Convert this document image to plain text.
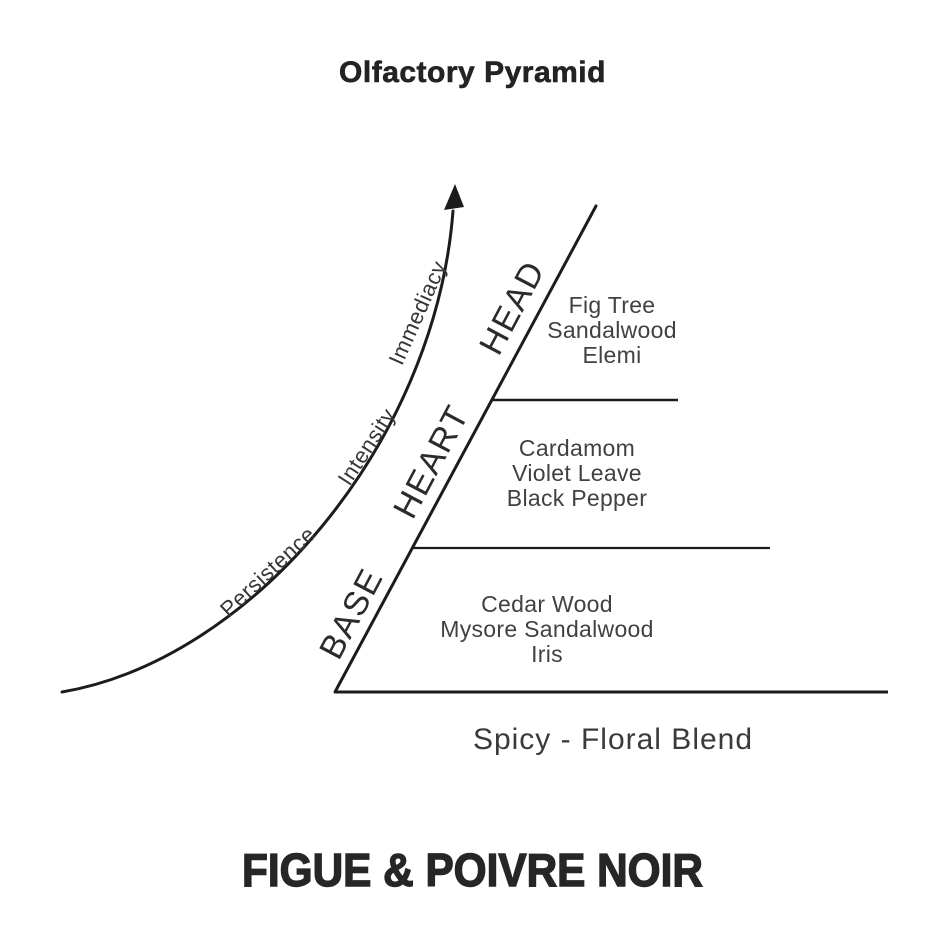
Olfactory Pyramid
Persistence
Intensity
Immediacy HEAD
HEART
BASE
Fig Tree
Sandalwood
Elemi
Cardamom
Violet Leave
Black Pepper
Cedar Wood
Mysore Sandalwood
Iris
Spicy - Floral Blend
FIGUE & POIVRE NOIR
